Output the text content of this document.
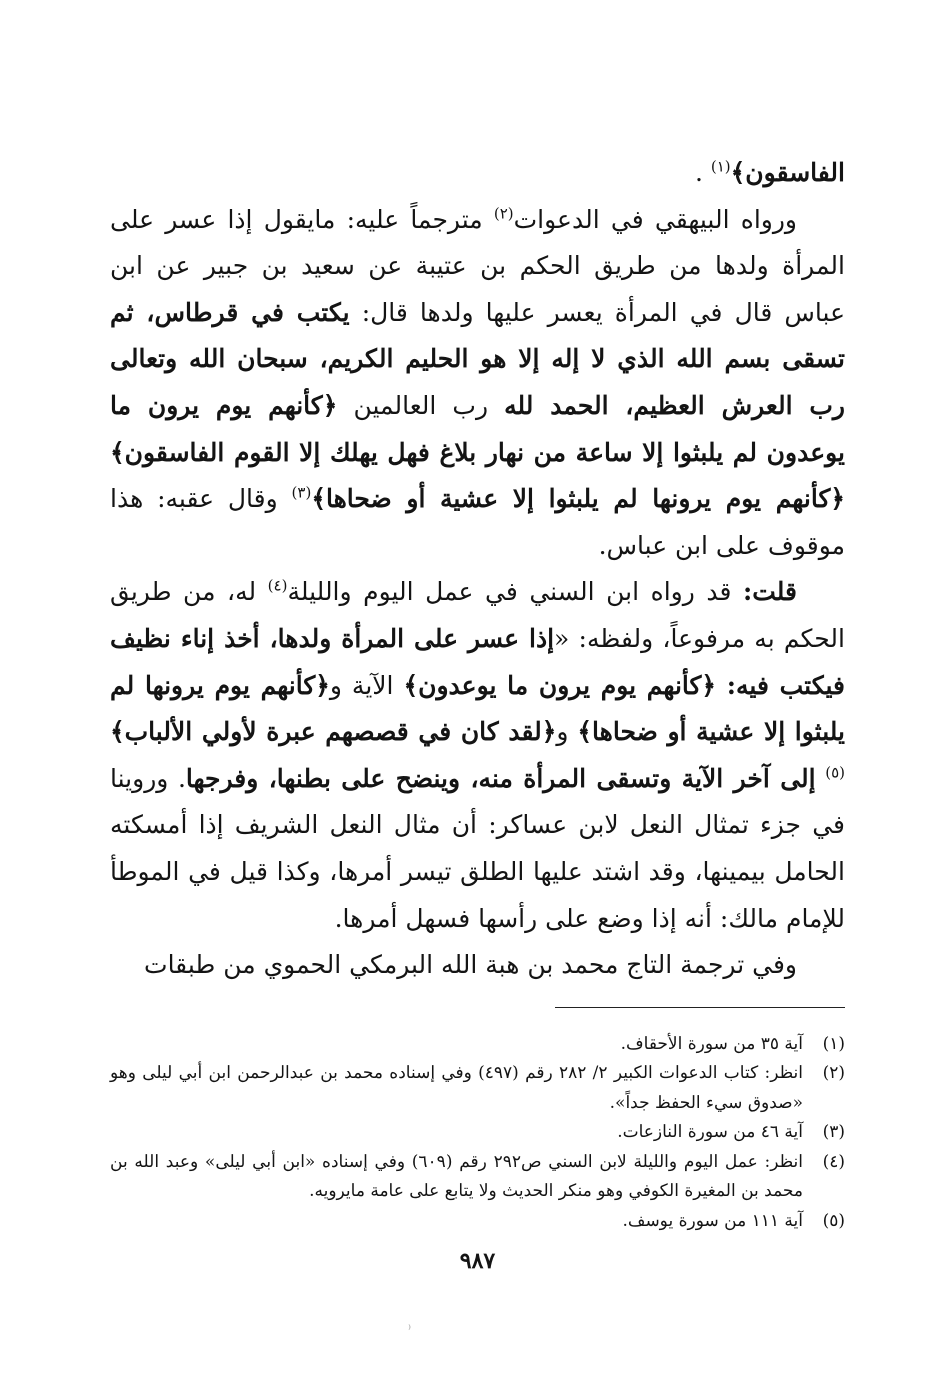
الفاسقون﴾$^{(١)}$ .

ورواه البيهقي في الدعوات$^{(٢)}$ مترجماً عليه: مايقول إذا عسر على المرأة ولدها من طريق الحكم بن عتيبة عن سعيد بن جبير عن ابن عباس قال في المرأة يعسر عليها ولدها قال: يكتب في قرطاس، ثم تسقى بسم الله الذي لا إله إلا هو الحليم الكريم، سبحان الله وتعالى رب العرش العظيم، الحمد لله رب العالمين ﴿كأنهم يوم يرون ما يوعدون لم يلبثوا إلا ساعة من نهار بلاغ فهل يهلك إلا القوم الفاسقون﴾ ﴿كأنهم يوم يرونها لم يلبثوا إلا عشية أو ضحاها﴾$^{(٣)}$ وقال عقبه: هذا موقوف على ابن عباس.

قلت: قد رواه ابن السني في عمل اليوم والليلة$^{(٤)}$ له، من طريق الحكم به مرفوعاً، ولفظه: «إذا عسر على المرأة ولدها، أخذ إناء نظيف فيكتب فيه: ﴿كأنهم يوم يرون ما يوعدون﴾ الآية و﴿كأنهم يوم يرونها لم يلبثوا إلا عشية أو ضحاها﴾ و﴿لقد كان في قصصهم عبرة لأولي الألباب﴾$^{(٥)}$ إلى آخر الآية وتسقى المرأة منه، وينضح على بطنها، وفرجها. وروينا في جزء تمثال النعل لابن عساكر: أن مثال النعل الشريف إذا أمسكته الحامل بيمينها، وقد اشتد عليها الطلق تيسر أمرها، وكذا قيل في الموطأ للإمام مالك: أنه إذا وضع على رأسها فسهل أمرها.

وفي ترجمة التاج محمد بن هبة الله البرمكي الحموي من طبقات

(١)
آية ٣٥ من سورة الأحقاف.
(٢)
انظر: كتاب الدعوات الكبير ٢/ ٢٨٢ رقم (٤٩٧) وفي إسناده محمد بن عبدالرحمن ابن أبي ليلى وهو «صدوق سيء الحفظ جداً».
(٣)
آية ٤٦ من سورة النازعات.
(٤)
انظر: عمل اليوم والليلة لابن السني ص٢٩٢ رقم (٦٠٩) وفي إسناده «ابن أبي ليلى» وعبد الله بن محمد بن المغيرة الكوفي وهو منكر الحديث ولا يتابع على عامة مايرويه.
(٥)
آية ١١١ من سورة يوسف.
٩٨٧
⁽
